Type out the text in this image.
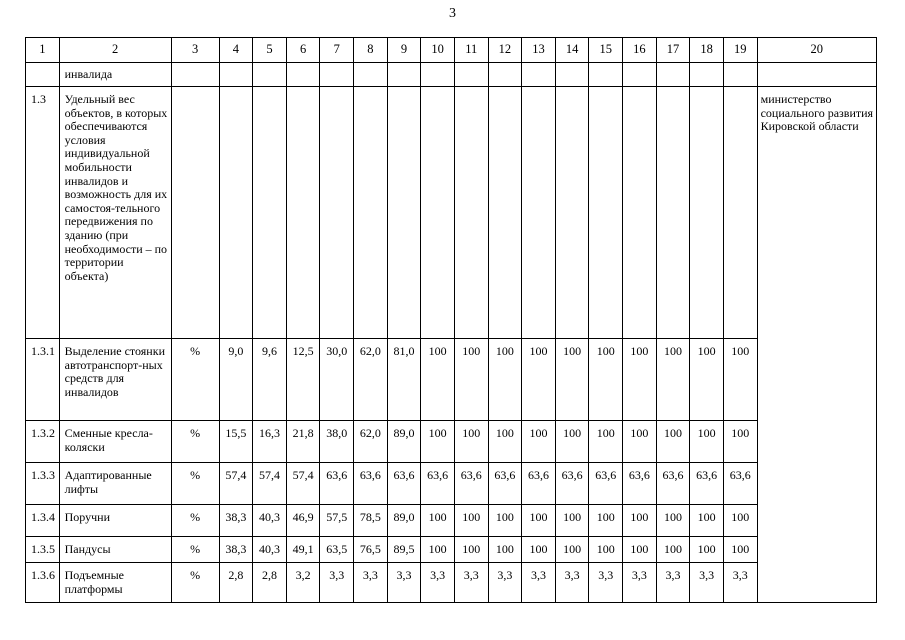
3
1	2	3	4	5	6	7	8	9	10	11	12	13	14	15	16	17	18	19	20
	инвалида																		
1.3	Удельный вес объектов, в которых обеспечиваются условия индивидуальной мобильности инвалидов и возможность для их самостоя-тельного передвижения по зданию (при необходимости – по территории объекта)																		министерство социального развития Кировской области
1.3.1	Выделение стоянки автотранспорт-ных средств для инвалидов	%	9,0	9,6	12,5	30,0	62,0	81,0	100	100	100	100	100	100	100	100	100	100	
1.3.2	Сменные кресла-коляски	%	15,5	16,3	21,8	38,0	62,0	89,0	100	100	100	100	100	100	100	100	100	100	
1.3.3	Адаптированные лифты	%	57,4	57,4	57,4	63,6	63,6	63,6	63,6	63,6	63,6	63,6	63,6	63,6	63,6	63,6	63,6	63,6	
1.3.4	Поручни	%	38,3	40,3	46,9	57,5	78,5	89,0	100	100	100	100	100	100	100	100	100	100	
1.3.5	Пандусы	%	38,3	40,3	49,1	63,5	76,5	89,5	100	100	100	100	100	100	100	100	100	100	
1.3.6	Подъемные платформы	%	2,8	2,8	3,2	3,3	3,3	3,3	3,3	3,3	3,3	3,3	3,3	3,3	3,3	3,3	3,3	3,3	
